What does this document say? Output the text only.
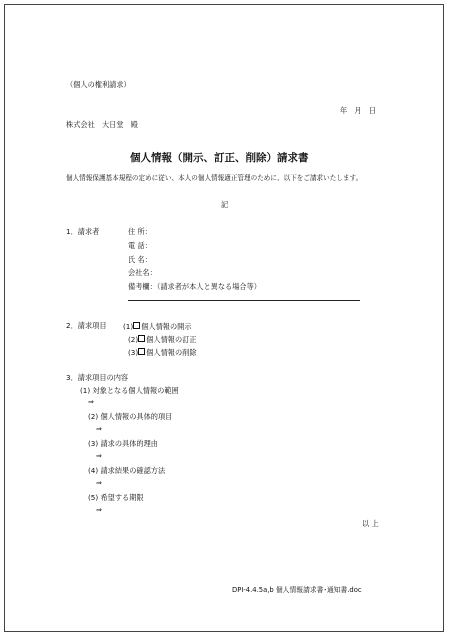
（個人の権利請求）
年　月　日
株式会社　大日堂　殿
個人情報（開示、訂正、削除）請求書
個人情報保護基本規程の定めに従い、本人の個人情報適正管理のために、以下をご請求いたします。
記
1．請求者	住 所：
電 話：
氏 名：
会社名：
備考欄：（請求者が本人と異なる場合等）
2．請求項目 (1) 個人情報の開示
(2) 個人情報の訂正
(3) 個人情報の削除
3．請求項目の内容
(1) 対象となる個人情報の範囲
⇒
(2) 個人情報の具体的項目
⇒
(3) 請求の具体的理由
⇒
(4) 請求結果の確認方法
⇒
(5) 希望する期限
⇒
以 上
DPI-4.4.5a,b 個人情報請求書･通知書.doc
